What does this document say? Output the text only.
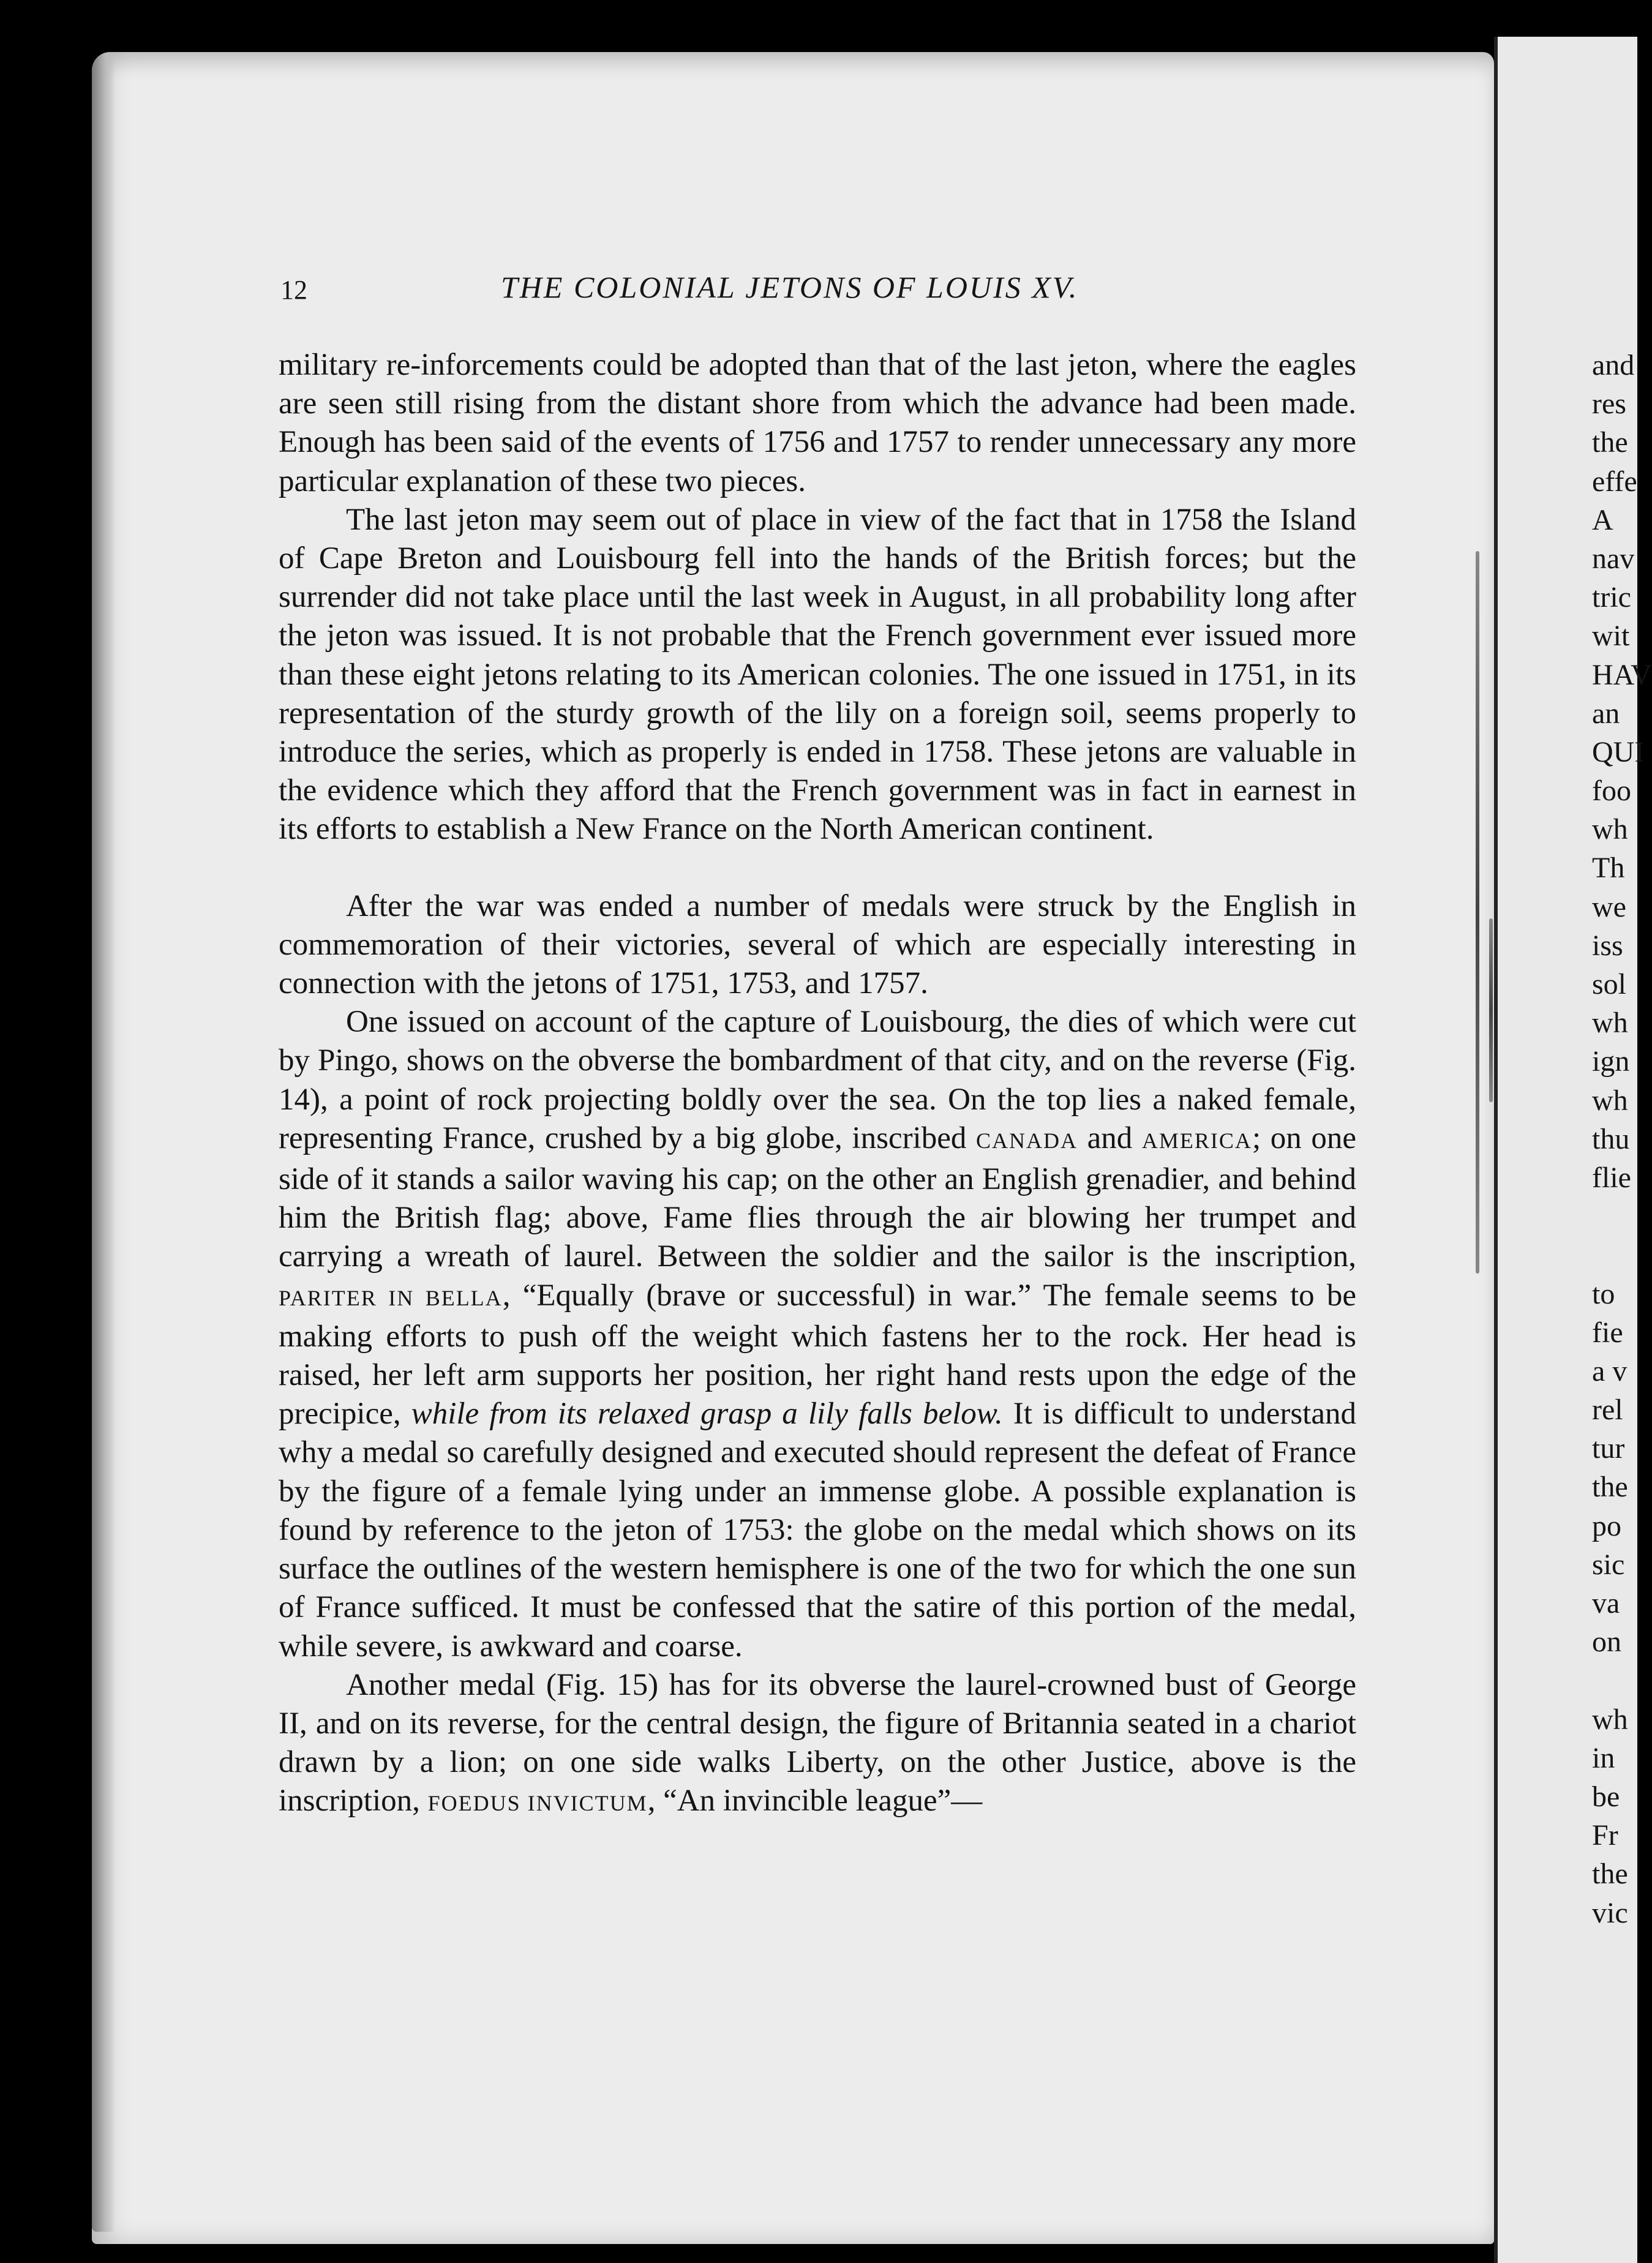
12	THE COLONIAL JETONS OF LOUIS XV.

military re-inforcements could be adopted than that of the last jeton, where the eagles are seen still rising from the distant shore from which the advance had been made. Enough has been said of the events of 1756 and 1757 to render unnecessary any more particular explanation of these two pieces.

The last jeton may seem out of place in view of the fact that in 1758 the Island of Cape Breton and Louisbourg fell into the hands of the British forces; but the surrender did not take place until the last week in August, in all probability long after the jeton was issued. It is not probable that the French government ever issued more than these eight jetons relating to its American colonies. The one issued in 1751, in its representation of the sturdy growth of the lily on a foreign soil, seems properly to introduce the series, which as properly is ended in 1758. These jetons are valuable in the evidence which they afford that the French government was in fact in earnest in its efforts to establish a New France on the North American continent.

After the war was ended a number of medals were struck by the English in commemoration of their victories, several of which are especially interesting in connection with the jetons of 1751, 1753, and 1757.

One issued on account of the capture of Louisbourg, the dies of which were cut by Pingo, shows on the obverse the bombardment of that city, and on the reverse (Fig. 14), a point of rock projecting boldly over the sea. On the top lies a naked female, representing France, crushed by a big globe, inscribed CANADA and AMERICA; on one side of it stands a sailor waving his cap; on the other an English grenadier, and behind him the British flag; above, Fame flies through the air blowing her trumpet and carrying a wreath of laurel. Between the soldier and the sailor is the inscription, PARITER IN BELLA, “Equally (brave or successful) in war.” The female seems to be making efforts to push off the weight which fastens her to the rock. Her head is raised, her left arm supports her position, her right hand rests upon the edge of the precipice, while from its relaxed grasp a lily falls below. It is difficult to understand why a medal so carefully designed and executed should represent the defeat of France by the figure of a female lying under an immense globe. A possible explanation is found by reference to the jeton of 1753: the globe on the medal which shows on its surface the outlines of the western hemisphere is one of the two for which the one sun of France sufficed. It must be confessed that the satire of this portion of the medal, while severe, is awkward and coarse.

Another medal (Fig. 15) has for its obverse the laurel-crowned bust of George II, and on its reverse, for the central design, the figure of Britannia seated in a chariot drawn by a lion; on one side walks Liberty, on the other Justice, above is the inscription, FOEDUS INVICTUM, “An invincible league”—

and
res
the
effe
A
nav
tric
wit
HAV
an
QUI
foo
wh
Th
we
iss
sol
wh
ign
wh
thu
flie
to
fie
a v
rel
tur
the
po
sic
va
on
wh
in
be
Fr
the
vic
